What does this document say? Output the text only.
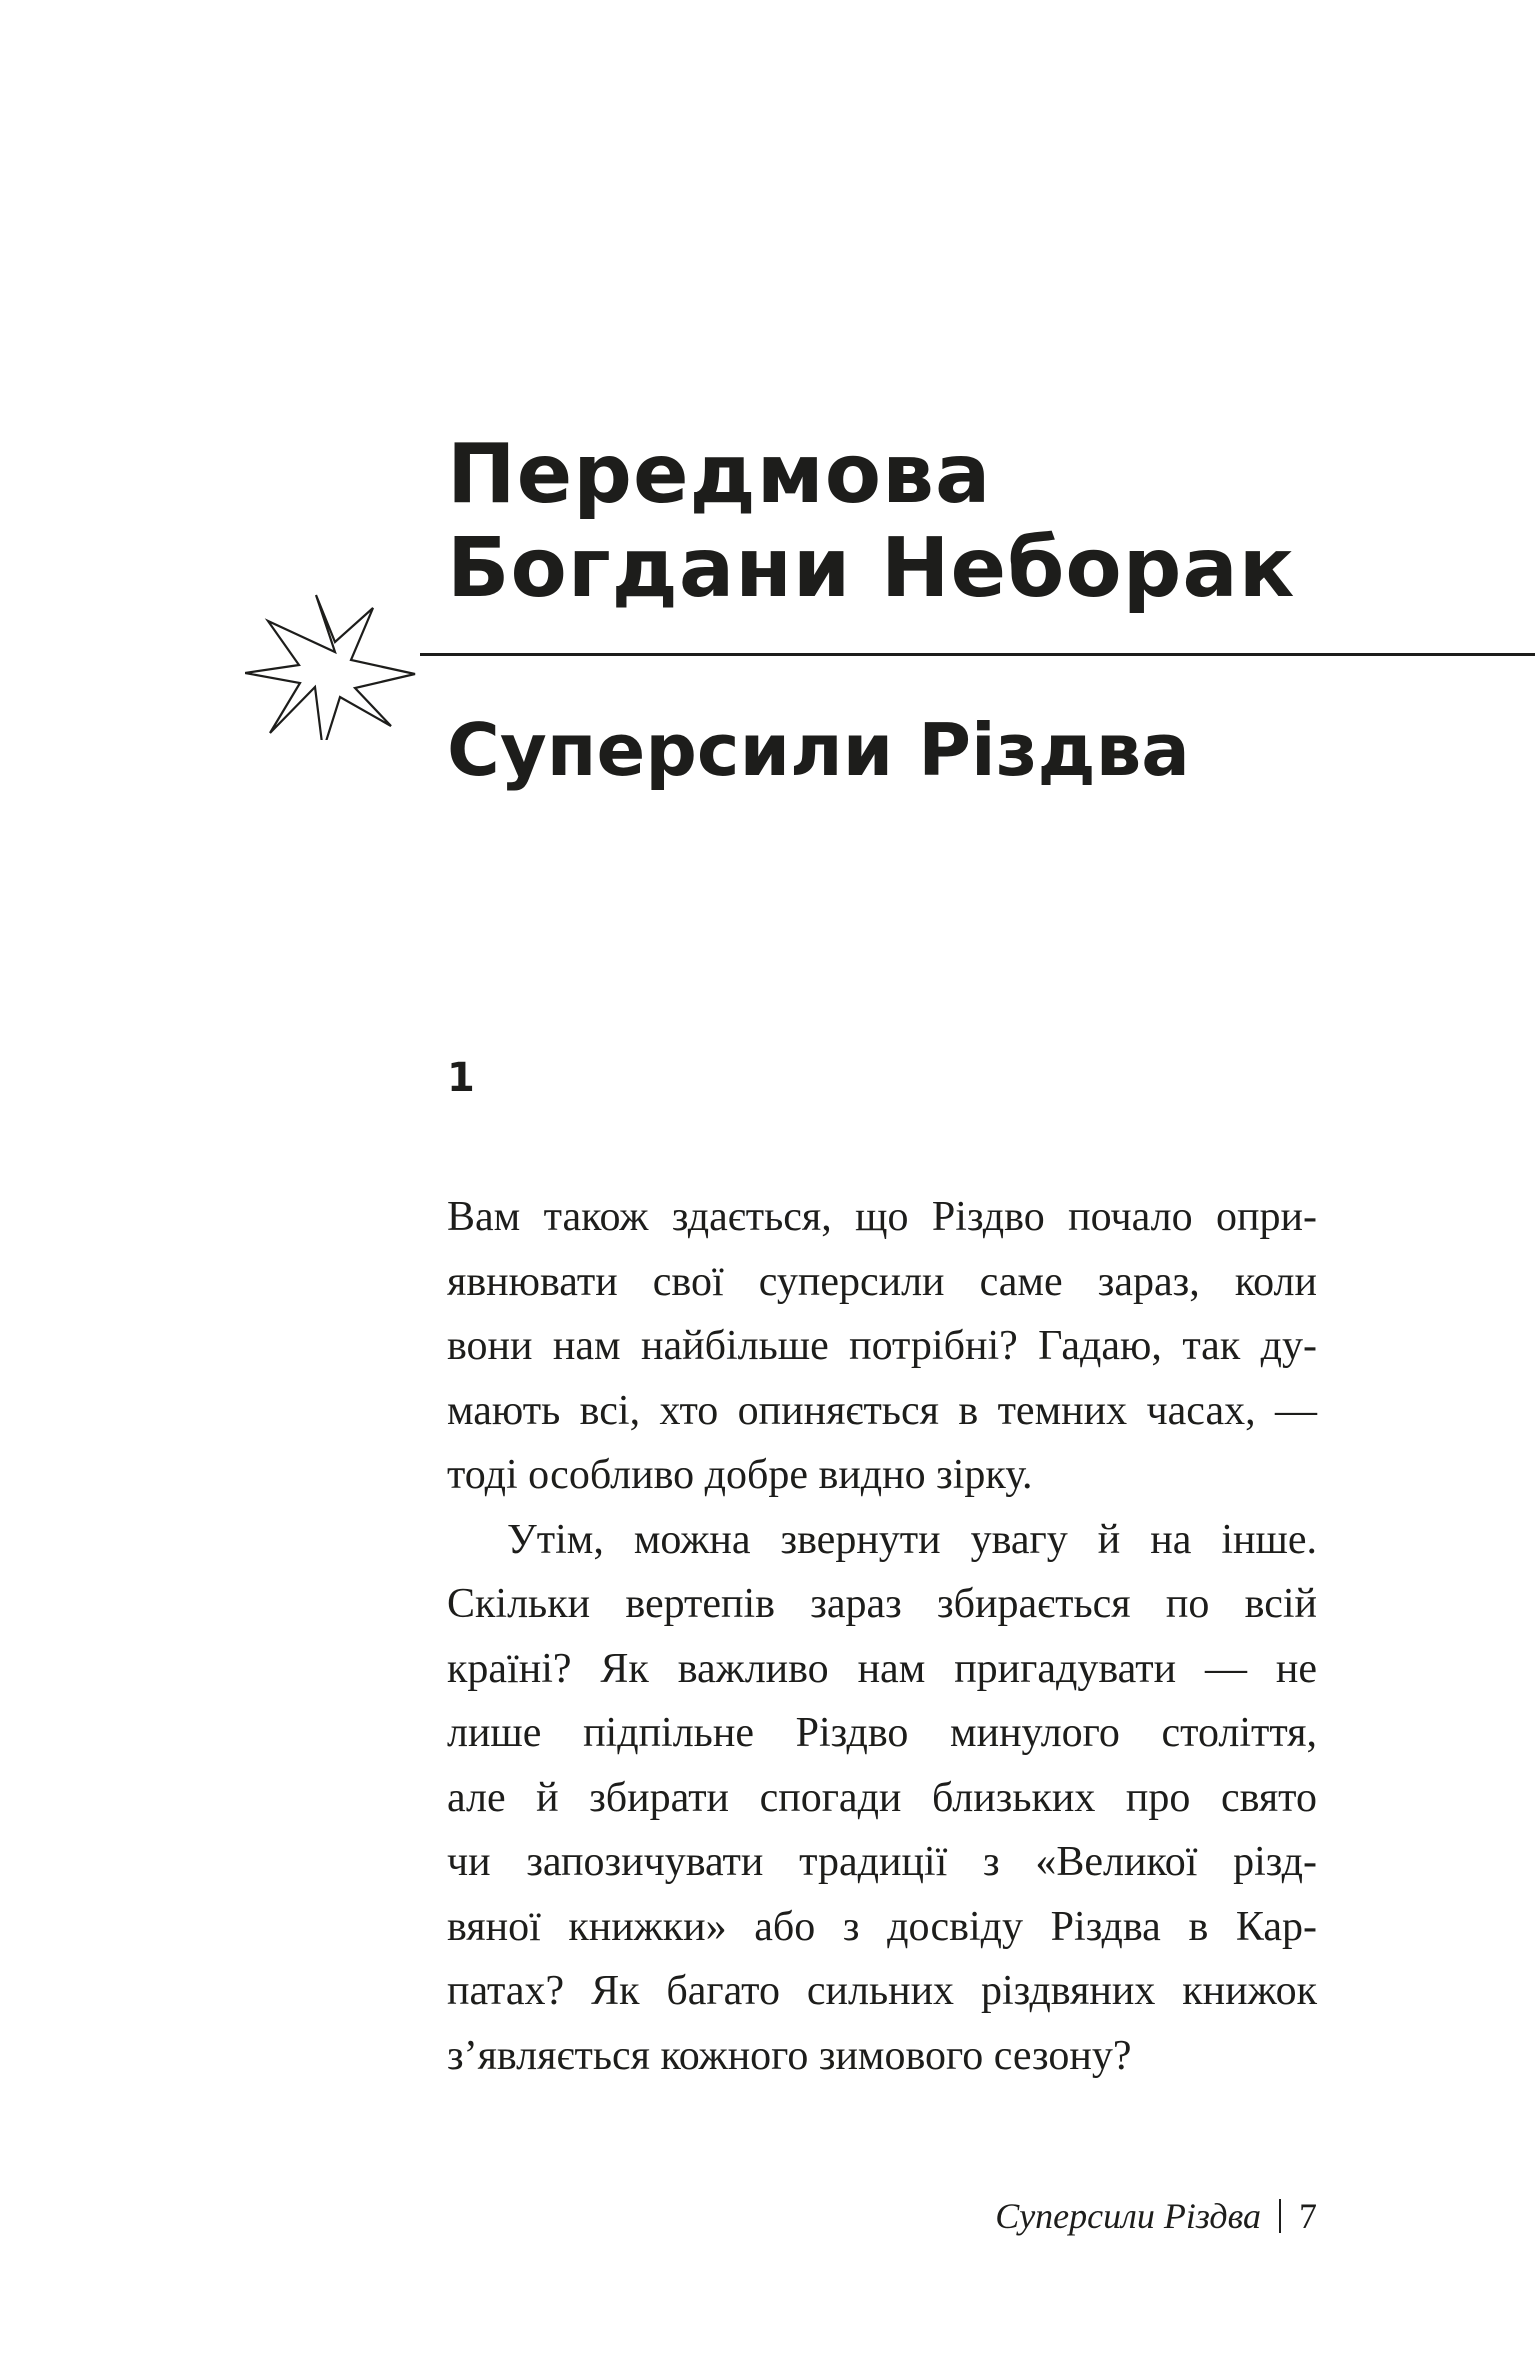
Передмова
Богдани Неборак
Суперсили Різдва
1
Вам також здається, що Різдво почало опри-
явнювати свої суперсили саме зараз, коли
вони нам найбільше потрібні? Гадаю, так ду-
мають всі, хто опиняється в темних часах, —
тоді особливо добре видно зірку.
Утім, можна звернути увагу й на інше.
Скільки вертепів зараз збирається по всій
країні? Як важливо нам пригадувати — не
лише підпільне Різдво минулого століття,
але й збирати спогади близьких про свято
чи запозичувати традиції з «Великої різд-
вяної книжки» або з досвіду Різдва в Кар-
патах? Як багато сильних різдвяних книжок
з’являється кожного зимового сезону?
Суперсили Різдва 7
